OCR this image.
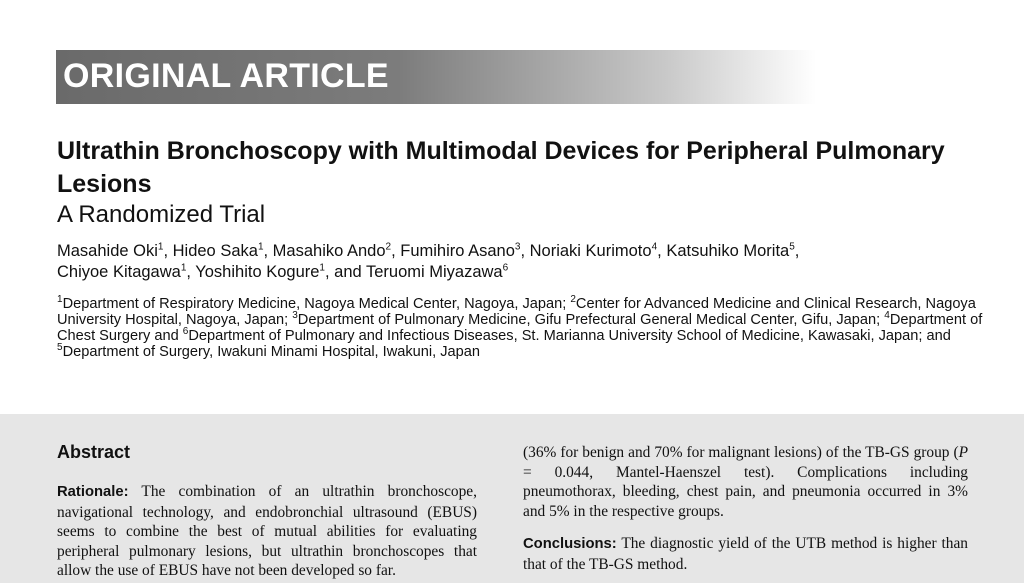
ORIGINAL ARTICLE
Ultrathin Bronchoscopy with Multimodal Devices for Peripheral Pulmonary Lesions
A Randomized Trial
Masahide Oki$^1$, Hideo Saka$^1$, Masahiko Ando$^2$, Fumihiro Asano$^3$, Noriaki Kurimoto$^4$, Katsuhiko Morita$^5$,
Chiyoe Kitagawa$^1$, Yoshihito Kogure$^1$, and Teruomi Miyazawa$^6$
$^1$Department of Respiratory Medicine, Nagoya Medical Center, Nagoya, Japan; $^2$Center for Advanced Medicine and Clinical Research, Nagoya University Hospital, Nagoya, Japan; $^3$Department of Pulmonary Medicine, Gifu Prefectural General Medical Center, Gifu, Japan; $^4$Department of Chest Surgery and $^6$Department of Pulmonary and Infectious Diseases, St. Marianna University School of Medicine, Kawasaki, Japan; and $^5$Department of Surgery, Iwakuni Minami Hospital, Iwakuni, Japan
Abstract
Rationale: The combination of an ultrathin bronchoscope, navigational technology, and endobronchial ultrasound (EBUS) seems to combine the best of mutual abilities for evaluating peripheral pulmonary lesions, but ultrathin bronchoscopes that allow the use of EBUS have not been developed so far.
(36% for benign and 70% for malignant lesions) of the TB-GS group (P = 0.044, Mantel-Haenszel test). Complications including pneumothorax, bleeding, chest pain, and pneumonia occurred in 3% and 5% in the respective groups.
Conclusions: The diagnostic yield of the UTB method is higher than that of the TB-GS method.
